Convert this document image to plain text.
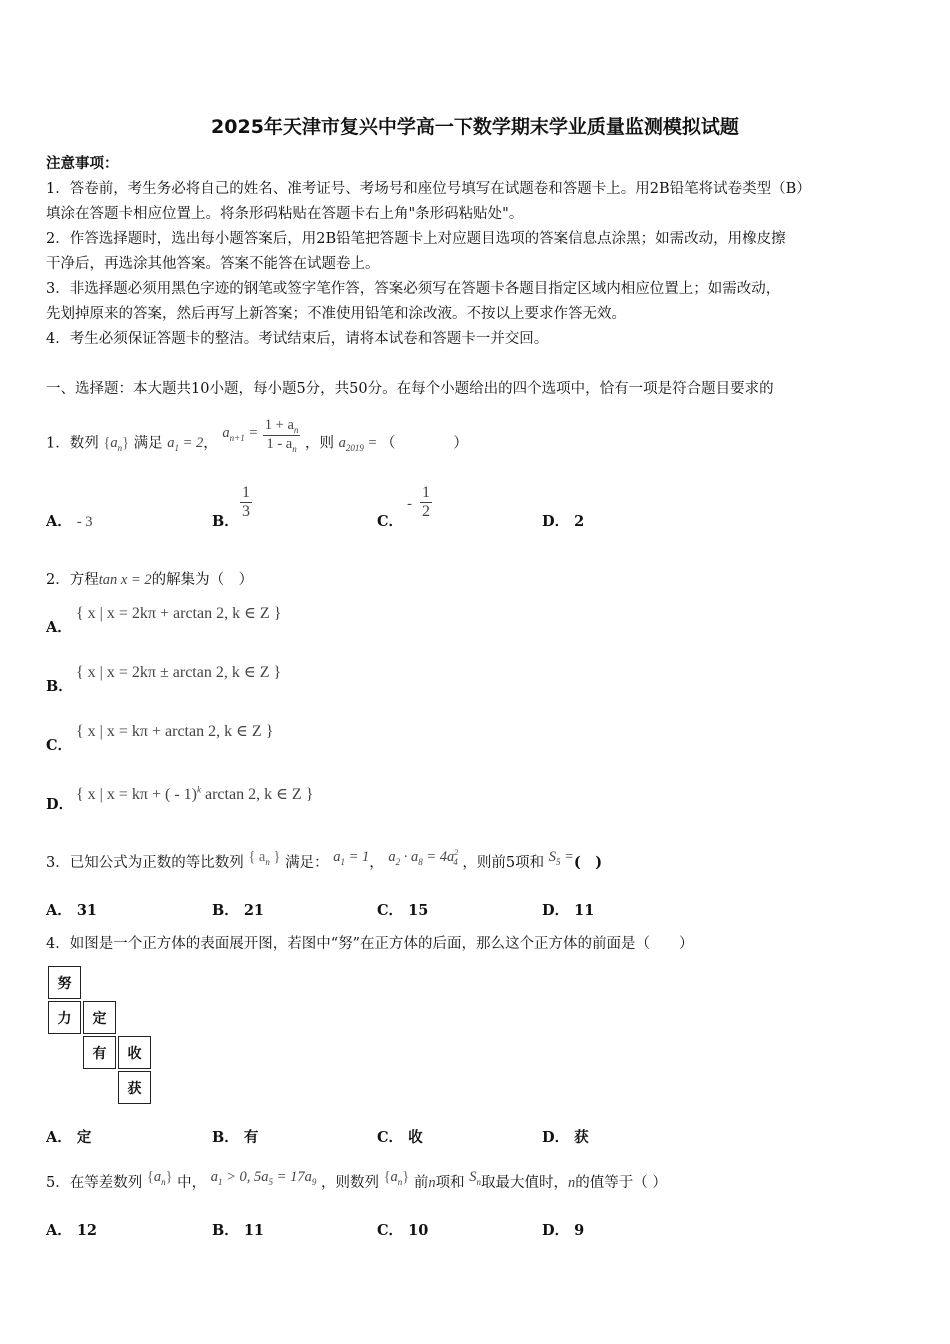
2025年天津市复兴中学高一下数学期末学业质量监测模拟试题
注意事项：
1．答卷前，考生务必将自己的姓名、准考证号、考场号和座位号填写在试题卷和答题卡上。用2B铅笔将试卷类型（B）
填涂在答题卡相应位置上。将条形码粘贴在答题卡右上角"条形码粘贴处"。
2．作答选择题时，选出每小题答案后，用2B铅笔把答题卡上对应题目选项的答案信息点涂黑；如需改动，用橡皮擦
干净后，再选涂其他答案。答案不能答在试题卷上。
3．非选择题必须用黑色字迹的钢笔或签字笔作答，答案必须写在答题卡各题目指定区域内相应位置上；如需改动，
先划掉原来的答案，然后再写上新答案；不准使用铅笔和涂改液。不按以上要求作答无效。
4．考生必须保证答题卡的整洁。考试结束后，请将本试卷和答题卡一并交回。
一、选择题：本大题共10小题，每小题5分，共50分。在每个小题给出的四个选项中，恰有一项是符合题目要求的
1．数列 $\{a_n\}$ 满足 $a_1 = 2$， $a_{n+1} = \frac{1 + a_n}{1 - a_n}$ ，则 $a_{2019}$ = （　　　　）
A． - 3	B．
$\frac{1}{3}$
C．
- $\frac{1}{2}$
D． 2
2．方程tan x = 2的解集为（　）
A．
{ x | x = 2kπ + arctan 2, k ∈ Z }
B．
{ x | x = 2kπ ± arctan 2, k ∈ Z }
C．
{ x | x = kπ + arctan 2, k ∈ Z }
D．
{ x | x = kπ + ( - 1)$^k$ arctan 2, k ∈ Z }
3．已知公式为正数的等比数列 { $a_n$ } 满足： $a_1 = 1$， $a_2 \cdot a_8 = 4a^2_4$ ，则前5项和 $S_5$ =(　)
A． 31	B． 21	C． 15	D． 11
4．如图是一个正方体的表面展开图，若图中“努”在正方体的后面，那么这个正方体的前面是（　　）
努
力	定
有	收
获
A． 定	B． 有	C． 收	D． 获
5．在等差数列 $\{a_n\}$ 中， $a_1 > 0$, $5a_5 = 17a_9$ ，则数列 $\{a_n\}$ 前n项和 $S_n$取最大值时，n的值等于（ ）
A． 12	B． 11	C． 10	D． 9
